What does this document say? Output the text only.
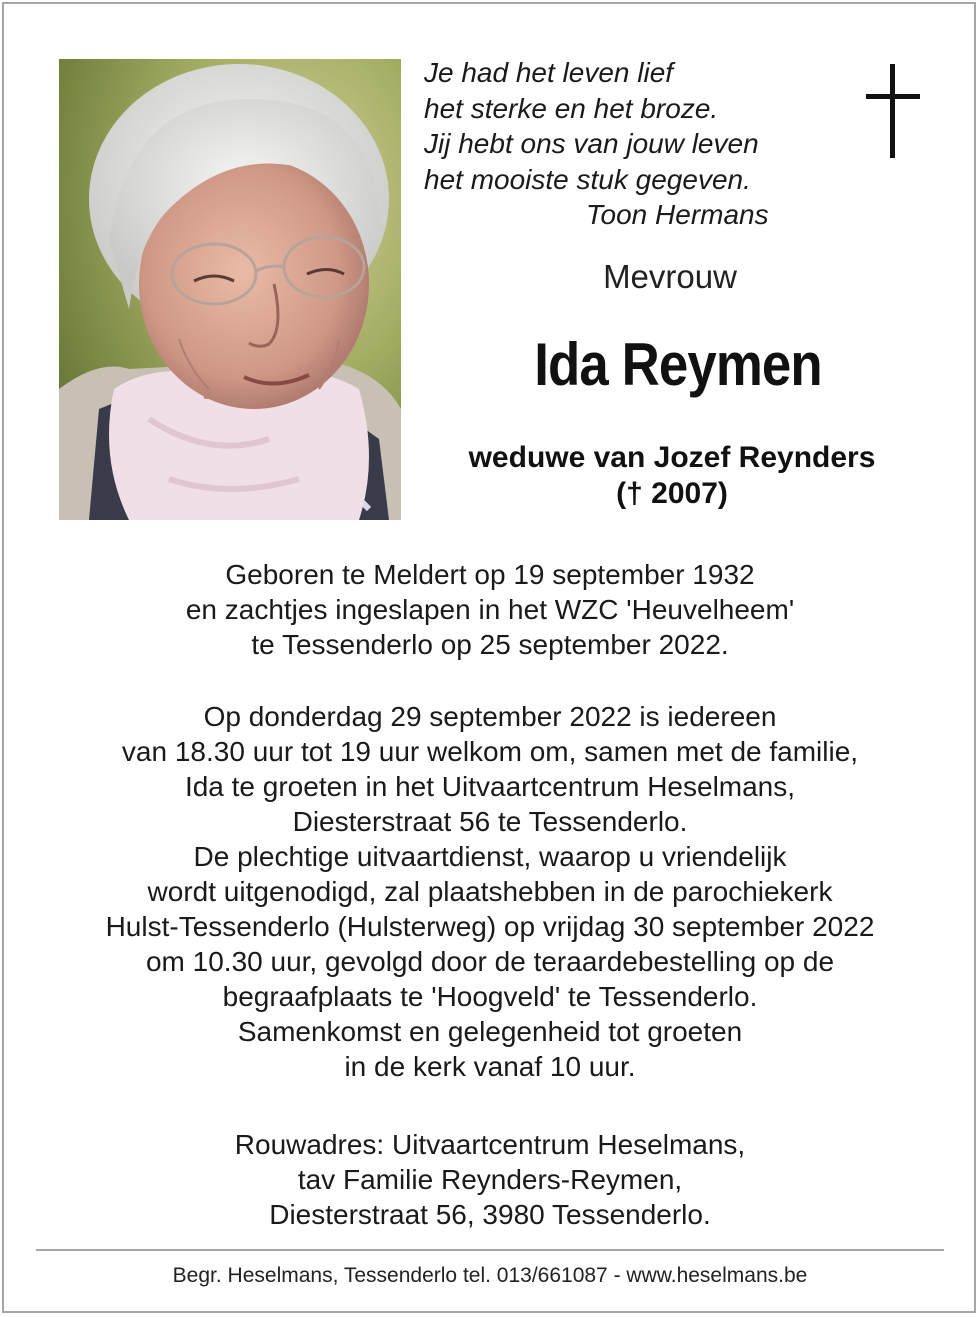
Je had het leven lief
het sterke en het broze.
Jij hebt ons van jouw leven
het mooiste stuk gegeven.
Toon Hermans
Mevrouw
Ida Reymen
weduwe van Jozef Reynders
(† 2007)
Geboren te Meldert op 19 september 1932
en zachtjes ingeslapen in het WZC 'Heuvelheem'
te Tessenderlo op 25 september 2022.
Op donderdag 29 september 2022 is iedereen
van 18.30 uur tot 19 uur welkom om, samen met de familie,
Ida te groeten in het Uitvaartcentrum Heselmans,
Diesterstraat 56 te Tessenderlo.
De plechtige uitvaartdienst, waarop u vriendelijk
wordt uitgenodigd, zal plaatshebben in de parochiekerk
Hulst-Tessenderlo (Hulsterweg) op vrijdag 30 september 2022
om 10.30 uur, gevolgd door de teraardebestelling op de
begraafplaats te 'Hoogveld' te Tessenderlo.
Samenkomst en gelegenheid tot groeten
in de kerk vanaf 10 uur.
Rouwadres: Uitvaartcentrum Heselmans,
tav Familie Reynders-Reymen,
Diesterstraat 56, 3980 Tessenderlo.
Begr. Heselmans, Tessenderlo tel. 013/661087 - www.heselmans.be
